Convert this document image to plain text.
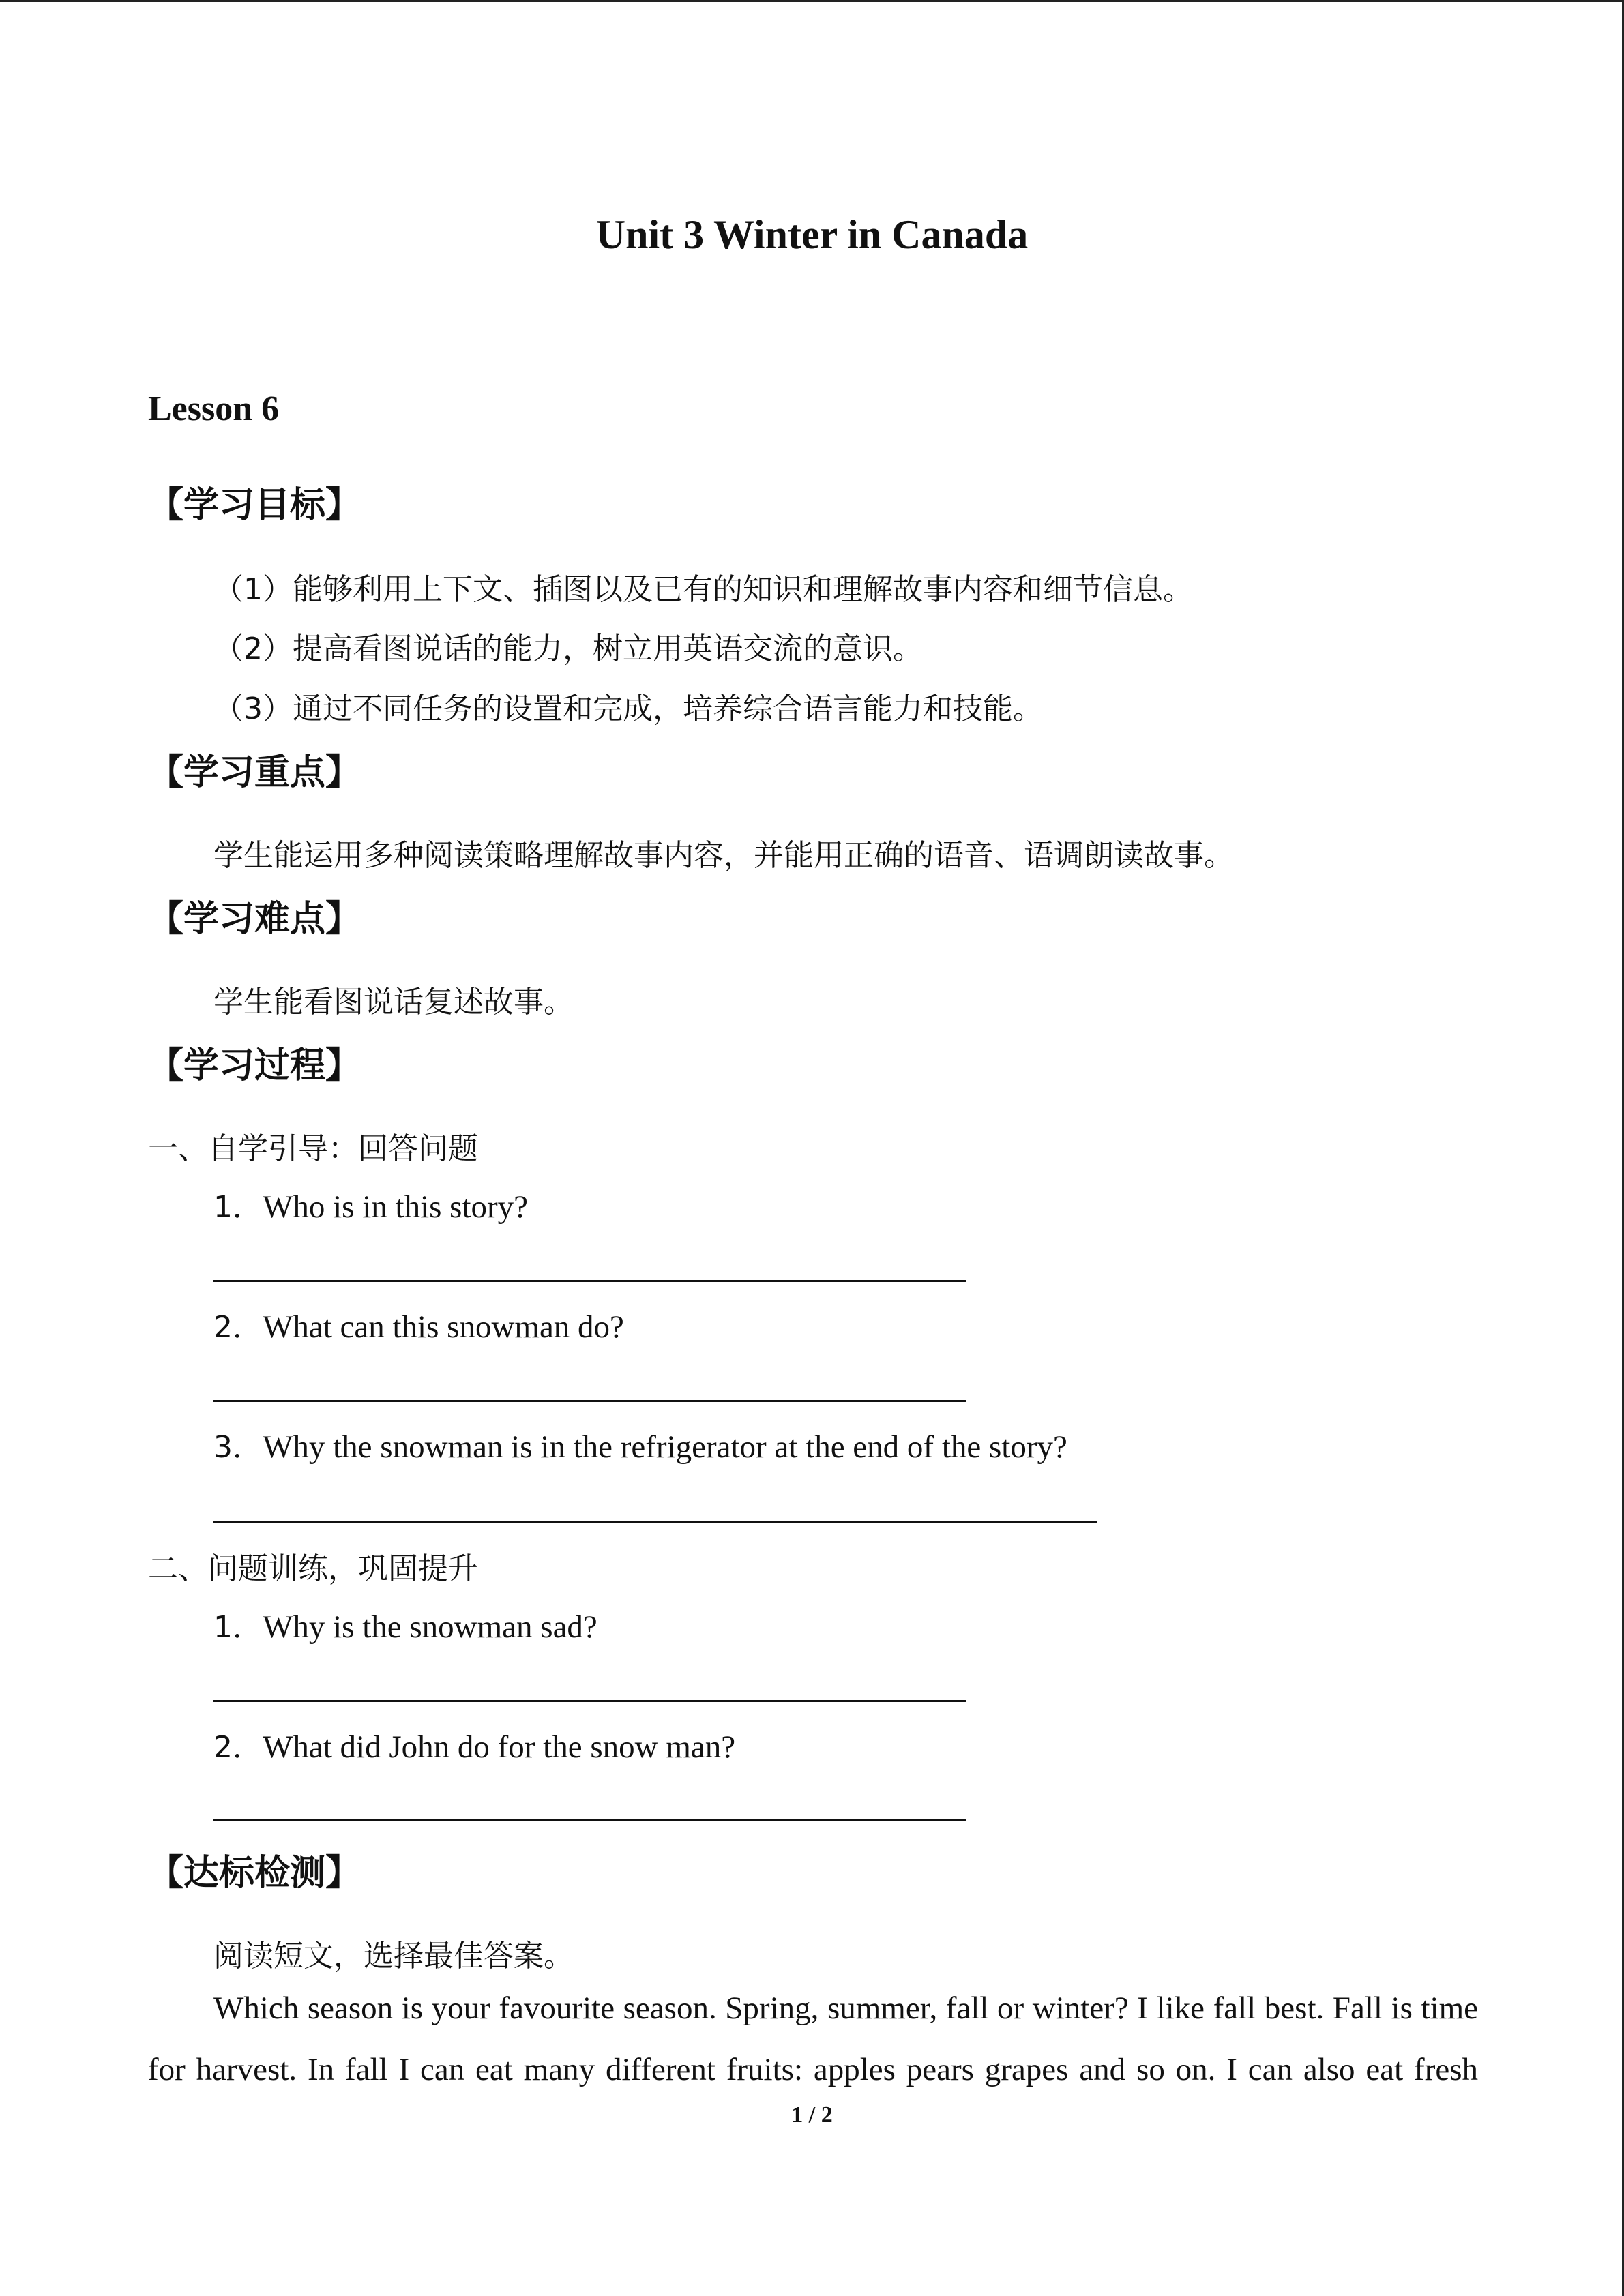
Unit 3 Winter in Canada
Lesson 6
【学习目标】
（1）能够利用上下文、插图以及已有的知识和理解故事内容和细节信息。
（2）提高看图说话的能力，树立用英语交流的意识。
（3）通过不同任务的设置和完成，培养综合语言能力和技能。
【学习重点】
学生能运用多种阅读策略理解故事内容，并能用正确的语音、语调朗读故事。
【学习难点】
学生能看图说话复述故事。
【学习过程】
一、自学引导：回答问题
1．Who is in this story?
2．What can this snowman do?
3．Why the snowman is in the refrigerator at the end of the story?
二、问题训练，巩固提升
1．Why is the snowman sad?
2．What did John do for the snow man?
【达标检测】
阅读短文，选择最佳答案。
Which season is your favourite season. Spring, summer, fall or winter? I like fall best. Fall is time
for harvest. In fall I can eat many different fruits: apples pears grapes and so on. I can also eat fresh
1 / 2
